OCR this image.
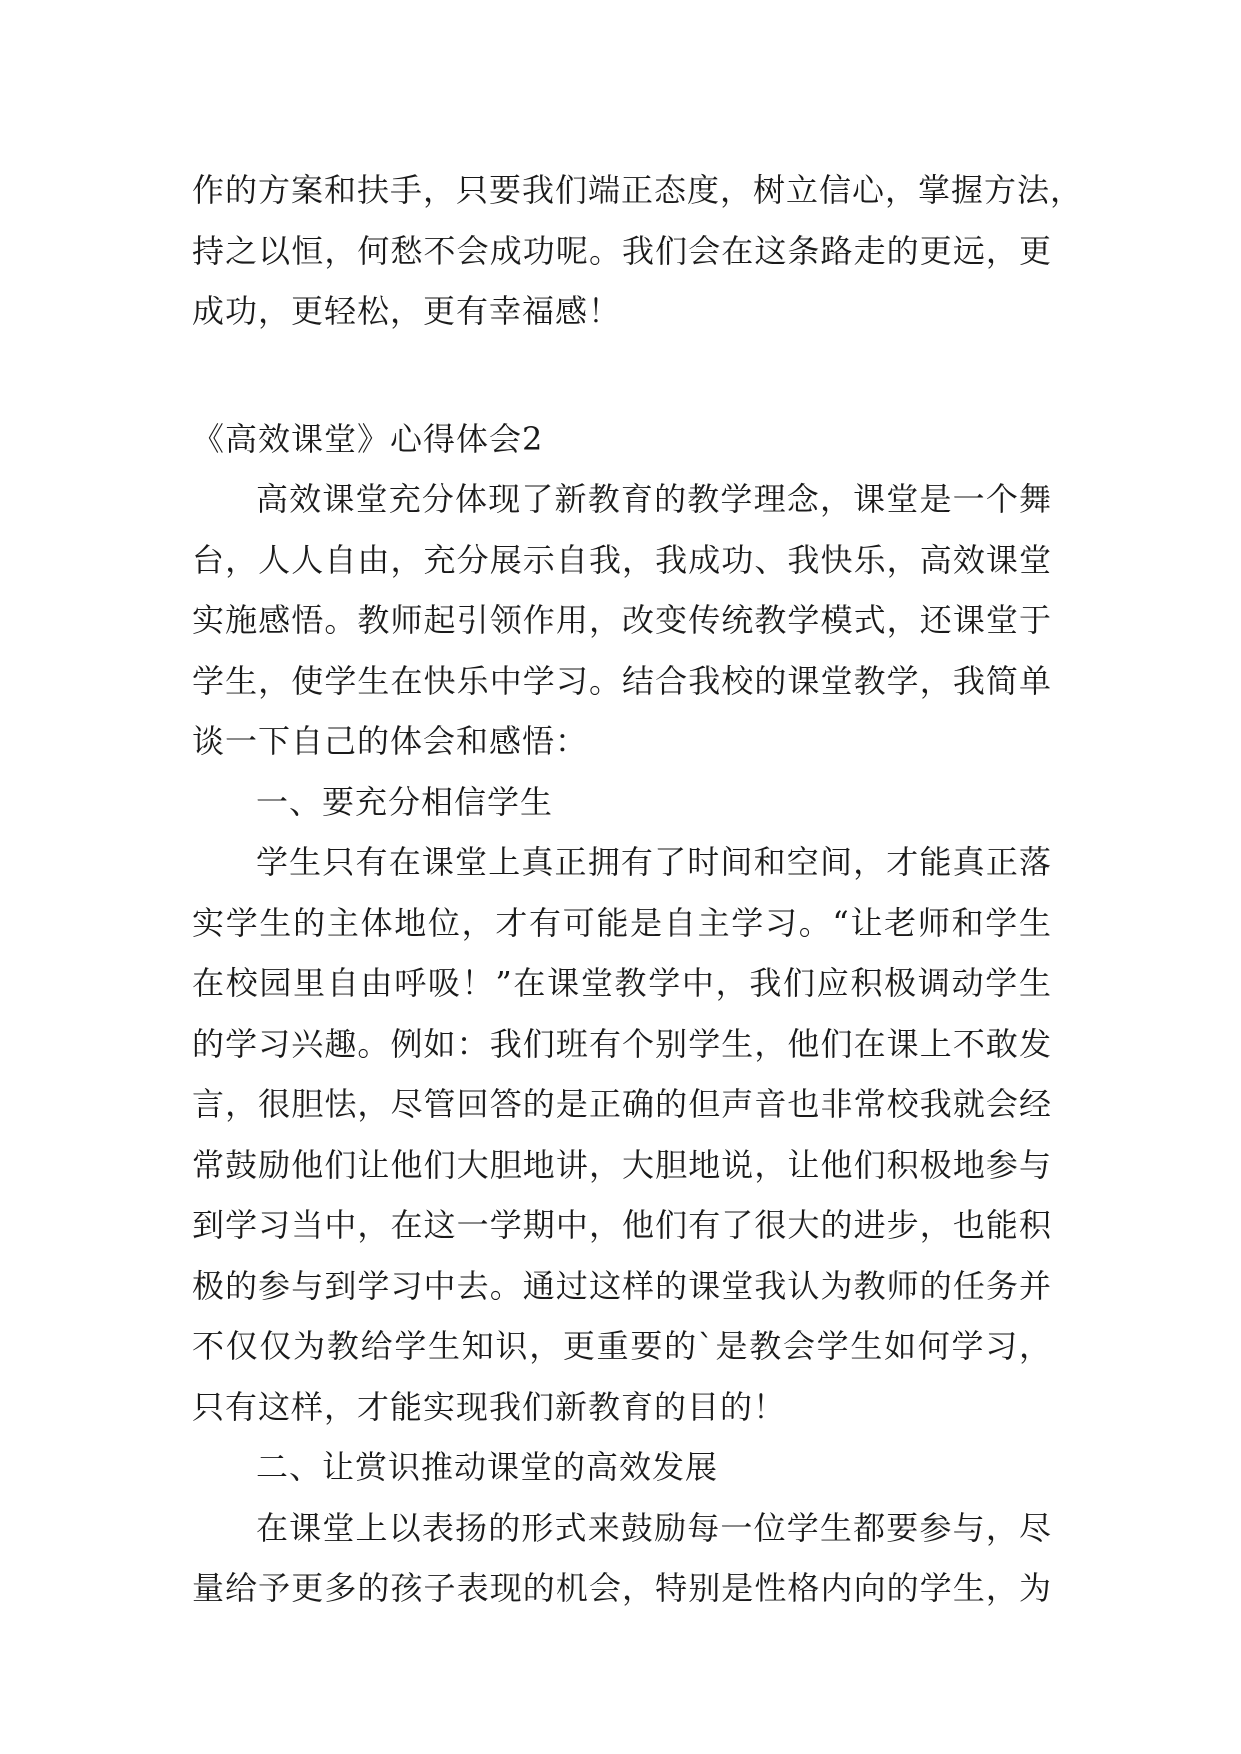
作的方案和扶手，只要我们端正态度，树立信心，掌握方法，
持之以恒，何愁不会成功呢。我们会在这条路走的更远，更
成功，更轻松，更有幸福感！
《高效课堂》心得体会2
高效课堂充分体现了新教育的教学理念，课堂是一个舞
台，人人自由，充分展示自我，我成功、我快乐，高效课堂
实施感悟。教师起引领作用，改变传统教学模式，还课堂于
学生，使学生在快乐中学习。结合我校的课堂教学，我简单
谈一下自己的体会和感悟：
一、要充分相信学生
学生只有在课堂上真正拥有了时间和空间，才能真正落
实学生的主体地位，才有可能是自主学习。“让老师和学生
在校园里自由呼吸！”在课堂教学中，我们应积极调动学生
的学习兴趣。例如：我们班有个别学生，他们在课上不敢发
言，很胆怯，尽管回答的是正确的但声音也非常校我就会经
常鼓励他们让他们大胆地讲，大胆地说，让他们积极地参与
到学习当中，在这一学期中，他们有了很大的进步，也能积
极的参与到学习中去。通过这样的课堂我认为教师的任务并
不仅仅为教给学生知识，更重要的`是教会学生如何学习，
只有这样，才能实现我们新教育的目的！
二、让赏识推动课堂的高效发展
在课堂上以表扬的形式来鼓励每一位学生都要参与，尽
量给予更多的孩子表现的机会，特别是性格内向的学生，为
